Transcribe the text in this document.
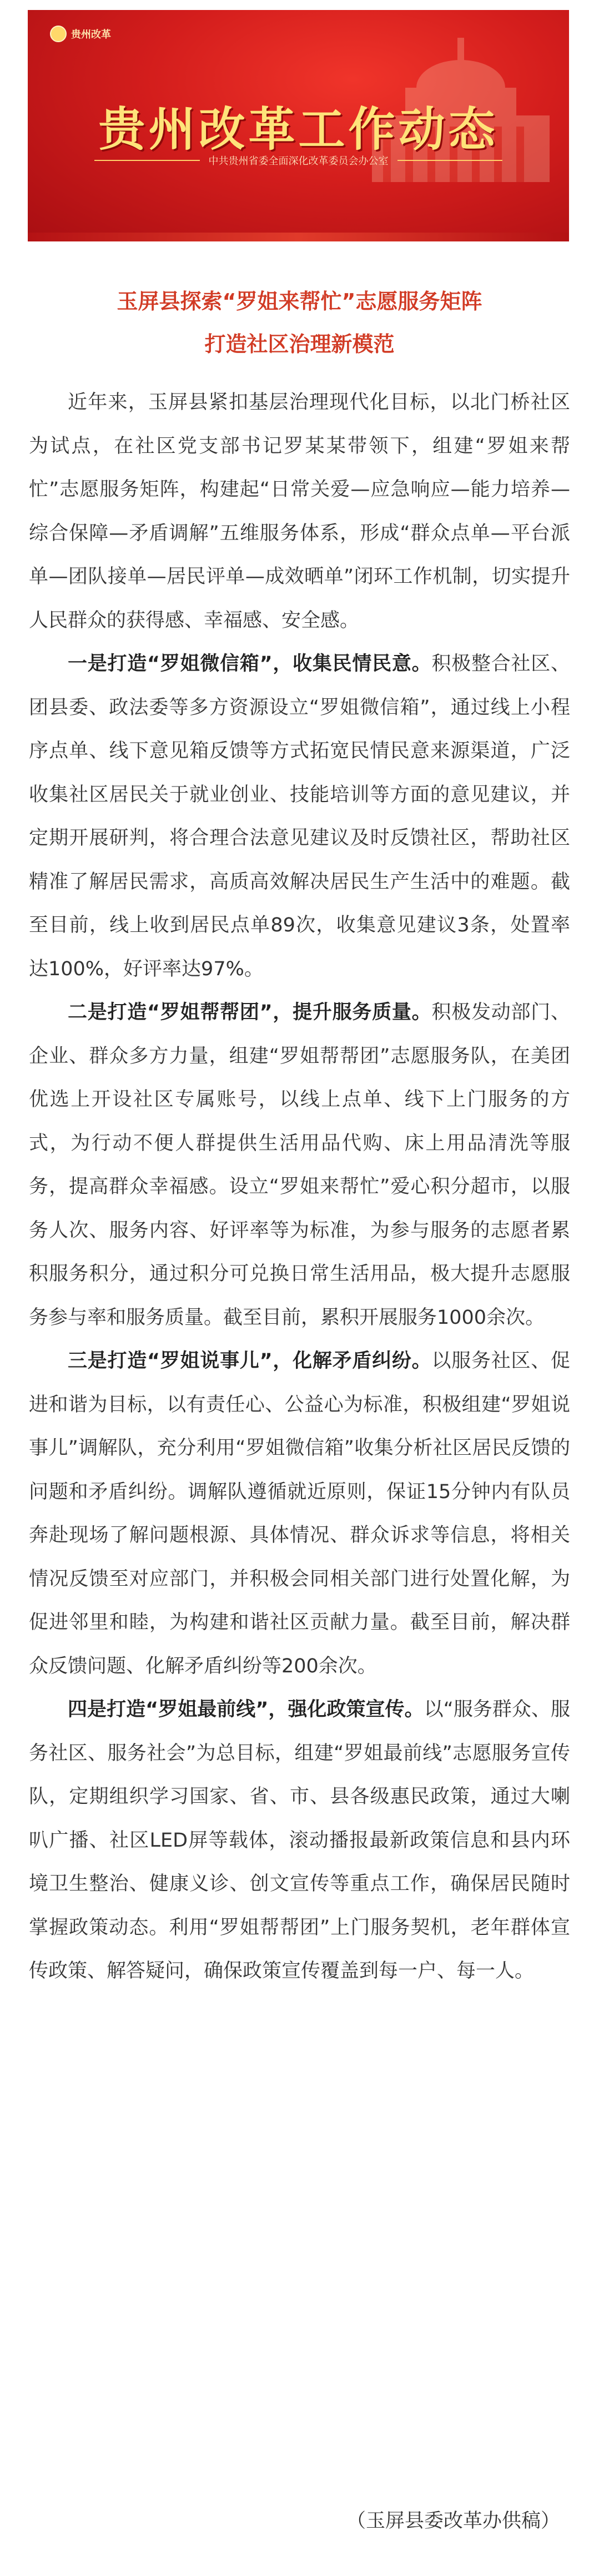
贵州改革
贵州改革工作动态
中共贵州省委全面深化改革委员会办公室
玉屏县探索“罗姐来帮忙”志愿服务矩阵
打造社区治理新模范

近年来，玉屏县紧扣基层治理现代化目标，以北门桥社区为试点，在社区党支部书记罗某某带领下，组建“罗姐来帮忙”志愿服务矩阵，构建起“日常关爱—应急响应—能力培养—综合保障—矛盾调解”五维服务体系，形成“群众点单—平台派单—团队接单—居民评单—成效晒单”闭环工作机制，切实提升人民群众的获得感、幸福感、安全感。

一是打造“罗姐微信箱”，收集民情民意。积极整合社区、团县委、政法委等多方资源设立“罗姐微信箱”，通过线上小程序点单、线下意见箱反馈等方式拓宽民情民意来源渠道，广泛收集社区居民关于就业创业、技能培训等方面的意见建议，并定期开展研判，将合理合法意见建议及时反馈社区，帮助社区精准了解居民需求，高质高效解决居民生产生活中的难题。截至目前，线上收到居民点单89次，收集意见建议3条，处置率达100%，好评率达97%。

二是打造“罗姐帮帮团”，提升服务质量。积极发动部门、企业、群众多方力量，组建“罗姐帮帮团”志愿服务队，在美团优选上开设社区专属账号，以线上点单、线下上门服务的方式，为行动不便人群提供生活用品代购、床上用品清洗等服务，提高群众幸福感。设立“罗姐来帮忙”爱心积分超市，以服务人次、服务内容、好评率等为标准，为参与服务的志愿者累积服务积分，通过积分可兑换日常生活用品，极大提升志愿服务参与率和服务质量。截至目前，累积开展服务1000余次。

三是打造“罗姐说事儿”，化解矛盾纠纷。以服务社区、促进和谐为目标，以有责任心、公益心为标准，积极组建“罗姐说事儿”调解队，充分利用“罗姐微信箱”收集分析社区居民反馈的问题和矛盾纠纷。调解队遵循就近原则，保证15分钟内有队员奔赴现场了解问题根源、具体情况、群众诉求等信息，将相关情况反馈至对应部门，并积极会同相关部门进行处置化解，为促进邻里和睦，为构建和谐社区贡献力量。截至目前，解决群众反馈问题、化解矛盾纠纷等200余次。

四是打造“罗姐最前线”，强化政策宣传。以“服务群众、服务社区、服务社会”为总目标，组建“罗姐最前线”志愿服务宣传队，定期组织学习国家、省、市、县各级惠民政策，通过大喇叭广播、社区LED屏等载体，滚动播报最新政策信息和县内环境卫生整治、健康义诊、创文宣传等重点工作，确保居民随时掌握政策动态。利用“罗姐帮帮团”上门服务契机，老年群体宣传政策、解答疑问，确保政策宣传覆盖到每一户、每一人。

（玉屏县委改革办供稿）
